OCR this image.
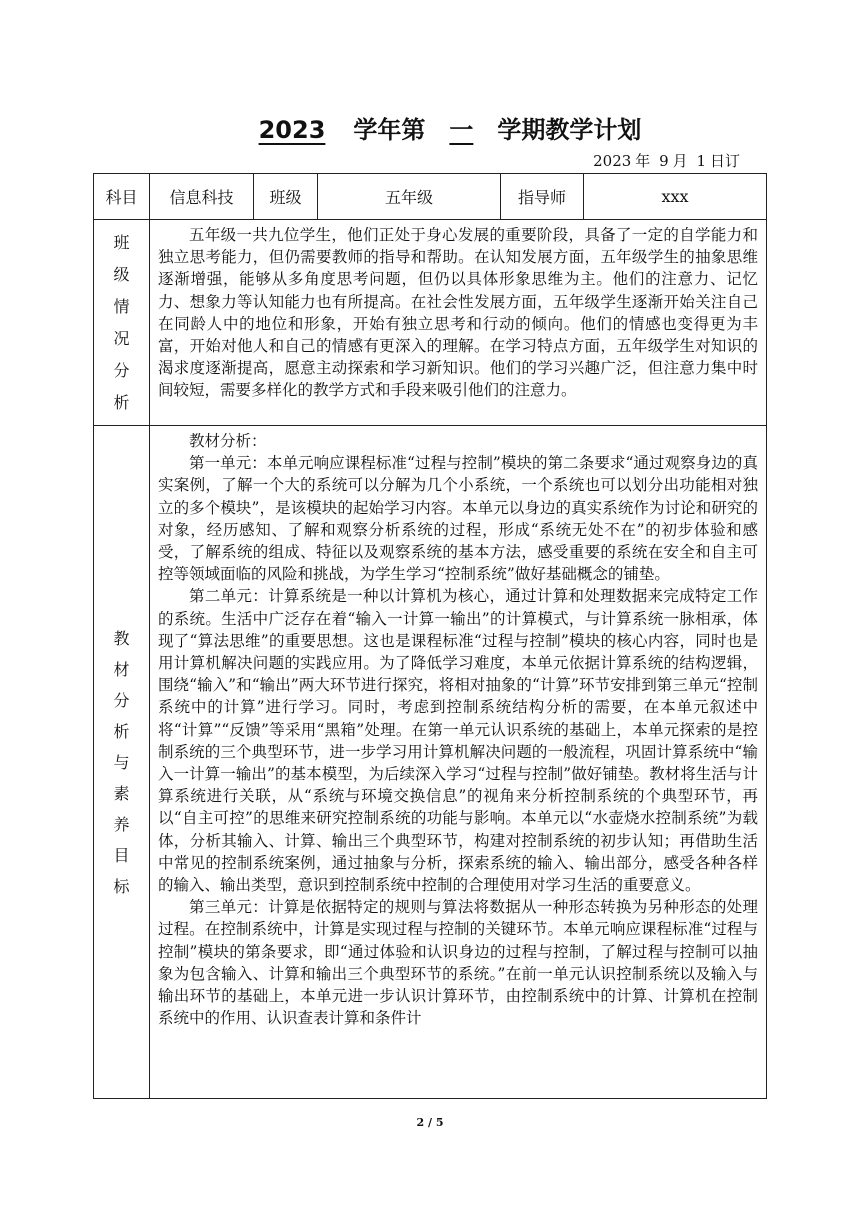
2023 学年第 一 学期教学计划
2023 年 9 月 1 日订
科目	信息科技	班级	五年级	指导师	xxx
班级情况分析	五年级一共九位学生，他们正处于身心发展的重要阶段，具备了一定的自学能力和独立思考能力，但仍需要教师的指导和帮助。在认知发展方面，五年级学生的抽象思维逐渐增强，能够从多角度思考问题，但仍以具体形象思维为主。他们的注意力、记忆力、想象力等认知能力也有所提高。在社会性发展方面，五年级学生逐渐开始关注自己在同龄人中的地位和形象，开始有独立思考和行动的倾向。他们的情感也变得更为丰富，开始对他人和自己的情感有更深入的理解。在学习特点方面，五年级学生对知识的渴求度逐渐提高，愿意主动探索和学习新知识。他们的学习兴趣广泛，但注意力集中时间较短，需要多样化的教学方式和手段来吸引他们的注意力。				

教材分析与素养目标	教材分析：

第一单元：本单元响应课程标准“过程与控制”模块的第二条要求“通过观察身边的真实案例，了解一个大的系统可以分解为几个小系统，一个系统也可以划分出功能相对独立的多个模块”，是该模块的起始学习内容。本单元以身边的真实系统作为讨论和研究的对象，经历感知、了解和观察分析系统的过程，形成“系统无处不在”的初步体验和感受，了解系统的组成、特征以及观察系统的基本方法，感受重要的系统在安全和自主可控等领域面临的风险和挑战，为学生学习“控制系统”做好基础概念的铺垫。

第二单元：计算系统是一种以计算机为核心，通过计算和处理数据来完成特定工作的系统。生活中广泛存在着“输入一计算一输出”的计算模式，与计算系统一脉相承，体现了“算法思维”的重要思想。这也是课程标准“过程与控制”模块的核心内容，同时也是用计算机解决问题的实践应用。为了降低学习难度，本单元依据计算系统的结构逻辑，围绕“输入”和“输出”两大环节进行探究，将相对抽象的“计算”环节安排到第三单元“控制系统中的计算”进行学习。同时，考虑到控制系统结构分析的需要，在本单元叙述中将“计算”“反馈”等采用“黑箱”处理。在第一单元认识系统的基础上，本单元探索的是控制系统的三个典型环节，进一步学习用计算机解决问题的一般流程，巩固计算系统中“输入一计算一输出”的基本模型，为后续深入学习“过程与控制”做好铺垫。教材将生活与计算系统进行关联，从“系统与环境交换信息”的视角来分析控制系统的个典型环节，再以“自主可控”的思维来研究控制系统的功能与影响。本单元以“水壶烧水控制系统”为载体，分析其输入、计算、输出三个典型环节，构建对控制系统的初步认知；再借助生活中常见的控制系统案例，通过抽象与分析，探索系统的输入、输出部分，感受各种各样的输入、输出类型，意识到控制系统中控制的合理使用对学习生活的重要意义。

第三单元：计算是依据特定的规则与算法将数据从一种形态转换为另种形态的处理过程。在控制系统中，计算是实现过程与控制的关键环节。本单元响应课程标准“过程与控制”模块的第条要求，即“通过体验和认识身边的过程与控制，了解过程与控制可以抽象为包含输入、计算和输出三个典型环节的系统。”在前一单元认识控制系统以及输入与输出环节的基础上，本单元进一步认识计算环节，由控制系统中的计算、计算机在控制系统中的作用、认识查表计算和条件计				

2 / 5
